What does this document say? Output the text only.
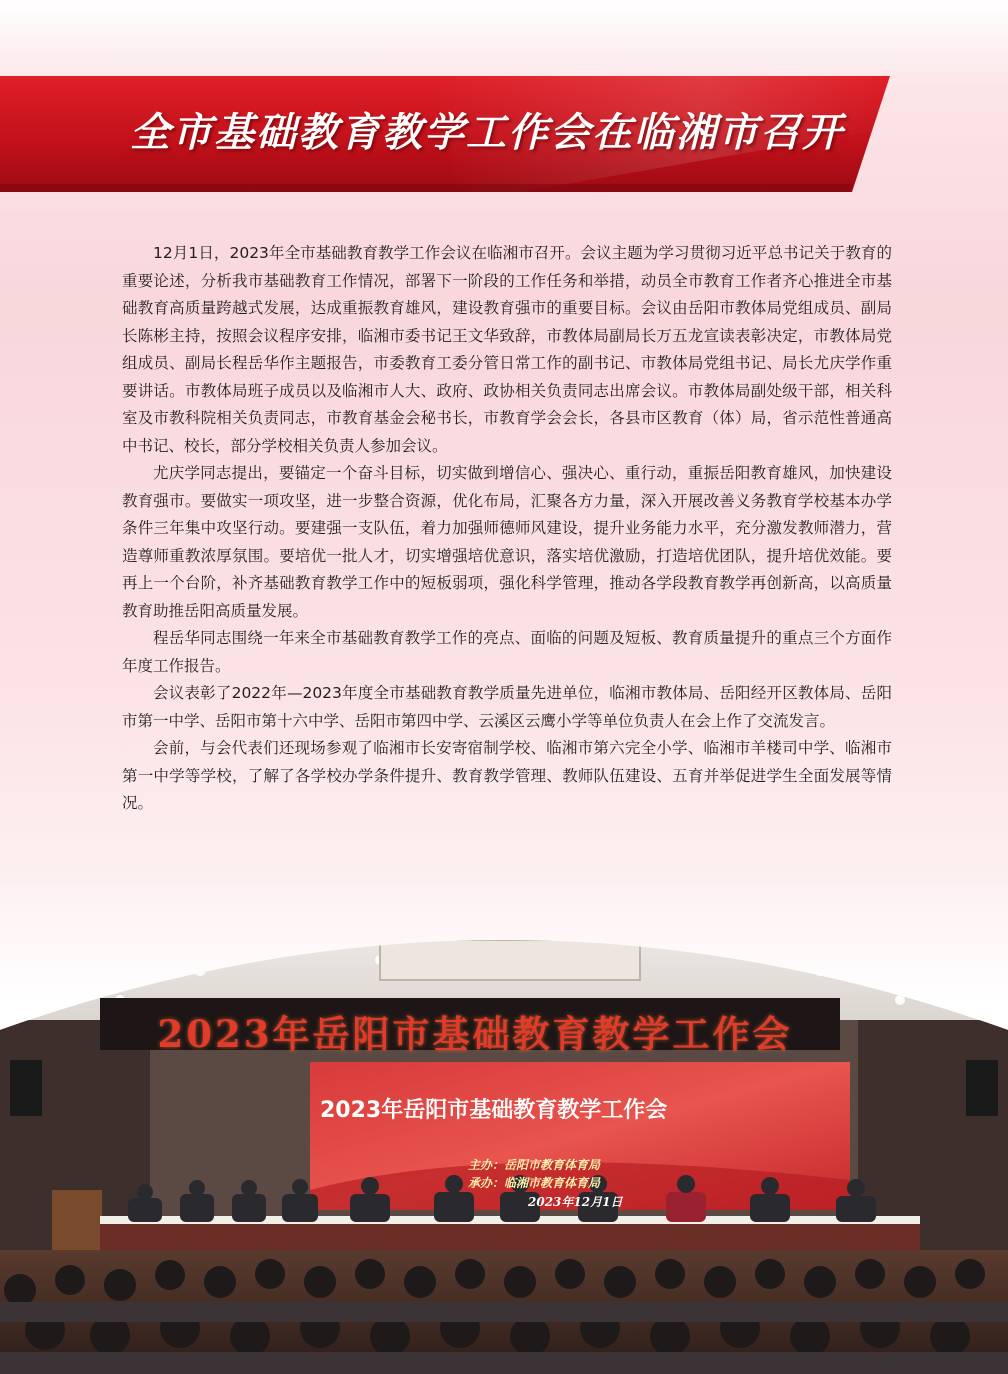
全市基础教育教学工作会在临湘市召开

12月1日，2023年全市基础教育教学工作会议在临湘市召开。会议主题为学习贯彻习近平总书记关于教育的重要论述，分析我市基础教育工作情况，部署下一阶段的工作任务和举措，动员全市教育工作者齐心推进全市基础教育高质量跨越式发展，达成重振教育雄风，建设教育强市的重要目标。会议由岳阳市教体局党组成员、副局长陈彬主持，按照会议程序安排，临湘市委书记王文华致辞，市教体局副局长万五龙宣读表彰决定，市教体局党组成员、副局长程岳华作主题报告，市委教育工委分管日常工作的副书记、市教体局党组书记、局长尤庆学作重要讲话。市教体局班子成员以及临湘市人大、政府、政协相关负责同志出席会议。市教体局副处级干部，相关科室及市教科院相关负责同志，市教育基金会秘书长，市教育学会会长，各县市区教育（体）局，省示范性普通高中书记、校长，部分学校相关负责人参加会议。

尤庆学同志提出，要锚定一个奋斗目标，切实做到增信心、强决心、重行动，重振岳阳教育雄风，加快建设教育强市。要做实一项攻坚，进一步整合资源，优化布局，汇聚各方力量，深入开展改善义务教育学校基本办学条件三年集中攻坚行动。要建强一支队伍，着力加强师德师风建设，提升业务能力水平，充分激发教师潜力，营造尊师重教浓厚氛围。要培优一批人才，切实增强培优意识，落实培优激励，打造培优团队，提升培优效能。要再上一个台阶，补齐基础教育教学工作中的短板弱项，强化科学管理，推动各学段教育教学再创新高，以高质量教育助推岳阳高质量发展。

程岳华同志围绕一年来全市基础教育教学工作的亮点、面临的问题及短板、教育质量提升的重点三个方面作年度工作报告。

会议表彰了2022年—2023年度全市基础教育教学质量先进单位，临湘市教体局、岳阳经开区教体局、岳阳市第一中学、岳阳市第十六中学、岳阳市第四中学、云溪区云鹰小学等单位负责人在会上作了交流发言。

会前，与会代表们还现场参观了临湘市长安寄宿制学校、临湘市第六完全小学、临湘市羊楼司中学、临湘市第一中学等学校，了解了各学校办学条件提升、教育教学管理、教师队伍建设、五育并举促进学生全面发展等情况。

2023年岳阳市基础教育教学工作会
2023年岳阳市基础教育教学工作会
主办：岳阳市教育体育局
承办：临湘市教育体育局
2023年12月1日
